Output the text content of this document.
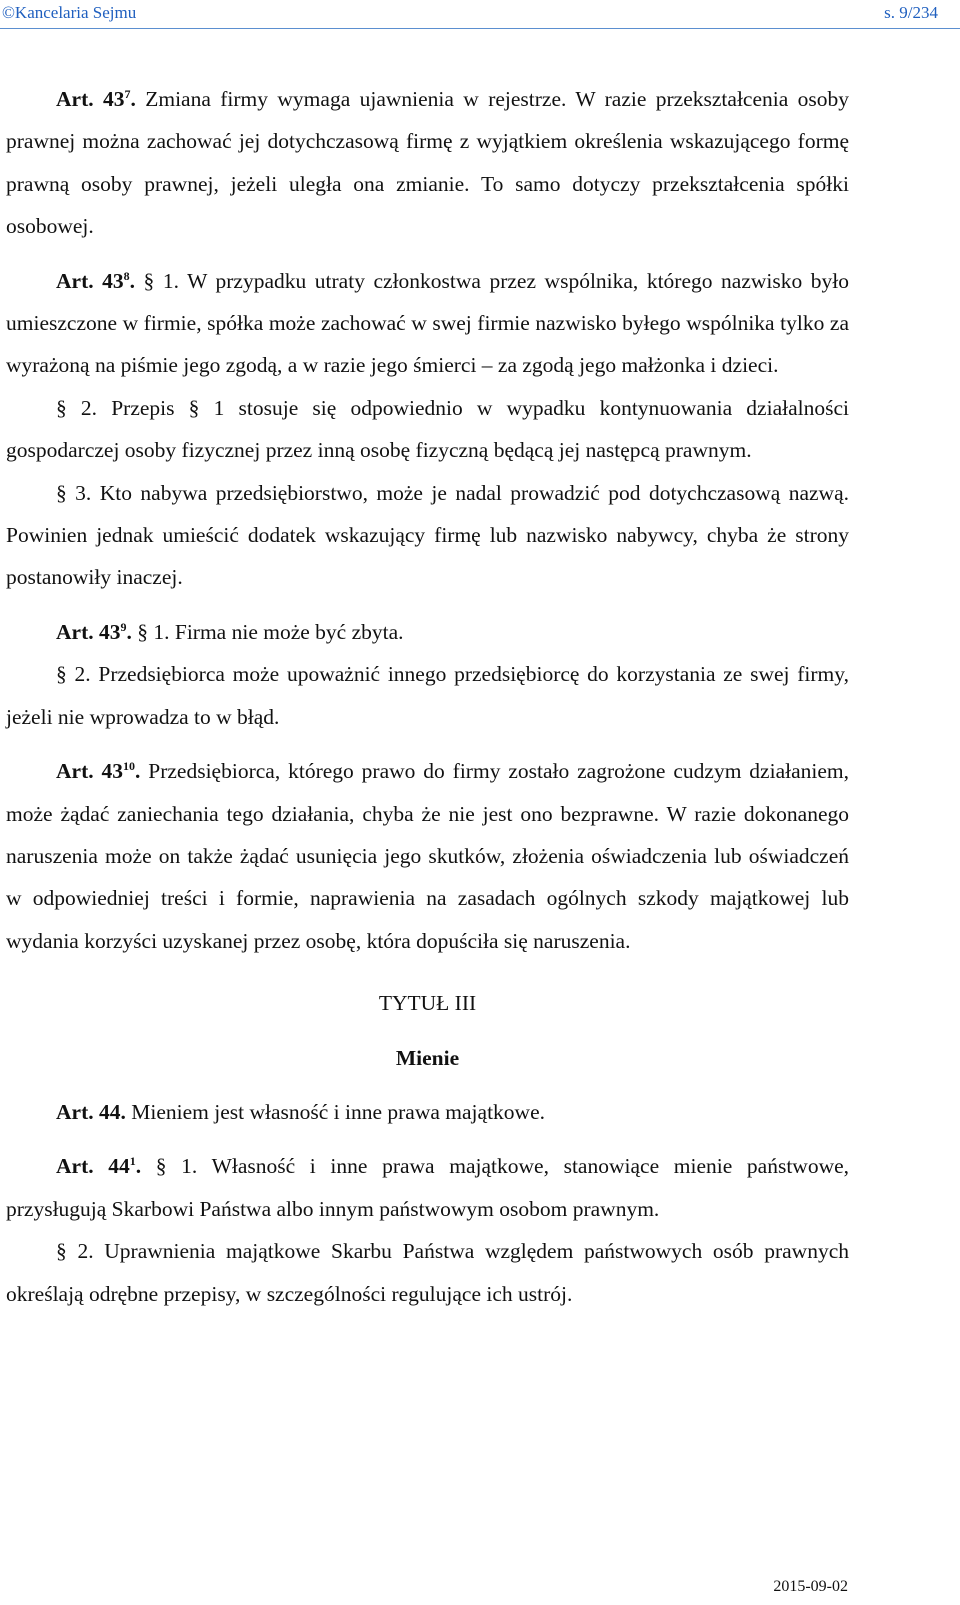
©Kancelaria Sejmu	s. 9/234

Art. $43^7$. Zmiana firmy wymaga ujawnienia w rejestrze. W razie przekształcenia osoby prawnej można zachować jej dotychczasową firmę z wyjątkiem określenia wskazującego formę prawną osoby prawnej, jeżeli uległa ona zmianie. To samo dotyczy przekształcenia spółki osobowej.

Art. $43^8$. § 1. W przypadku utraty członkostwa przez wspólnika, którego nazwisko było umieszczone w firmie, spółka może zachować w swej firmie nazwisko byłego wspólnika tylko za wyrażoną na piśmie jego zgodą, a w razie jego śmierci – za zgodą jego małżonka i dzieci.

§ 2. Przepis § 1 stosuje się odpowiednio w wypadku kontynuowania działalności gospodarczej osoby fizycznej przez inną osobę fizyczną będącą jej następcą prawnym.

§ 3. Kto nabywa przedsiębiorstwo, może je nadal prowadzić pod dotychczasową nazwą. Powinien jednak umieścić dodatek wskazujący firmę lub nazwisko nabywcy, chyba że strony postanowiły inaczej.

Art. $43^9$. § 1. Firma nie może być zbyta.

§ 2. Przedsiębiorca może upoważnić innego przedsiębiorcę do korzystania ze swej firmy, jeżeli nie wprowadza to w błąd.

Art. $43^{10}$. Przedsiębiorca, którego prawo do firmy zostało zagrożone cudzym działaniem, może żądać zaniechania tego działania, chyba że nie jest ono bezprawne. W razie dokonanego naruszenia może on także żądać usunięcia jego skutków, złożenia oświadczenia lub oświadczeń w odpowiedniej treści i formie, naprawienia na zasadach ogólnych szkody majątkowej lub wydania korzyści uzyskanej przez osobę, która dopuściła się naruszenia.

TYTUŁ III

Mienie

Art. 44. Mieniem jest własność i inne prawa majątkowe.

Art. $44^1$. § 1. Własność i inne prawa majątkowe, stanowiące mienie państwowe, przysługują Skarbowi Państwa albo innym państwowym osobom prawnym.

§ 2. Uprawnienia majątkowe Skarbu Państwa względem państwowych osób prawnych określają odrębne przepisy, w szczególności regulujące ich ustrój.

2015-09-02
